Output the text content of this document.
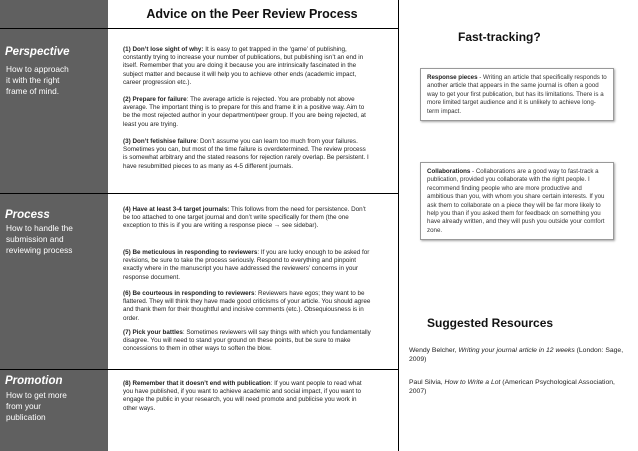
Perspective
How to approach it with the right frame of mind.
Process
How to handle the submission and reviewing process
Promotion
How to get more from your publication
Advice on the Peer Review Process

(1) Don’t lose sight of why: It is easy to get trapped in the ‘game’ of publishing, constantly trying to increase your number of publications, but publishing isn’t an end in itself. Remember that you are doing it because you are intrinsically fascinated in the subject matter and because it will help you to achieve other ends (academic impact, career progression etc.).

(2) Prepare for failure: The average article is rejected. You are probably not above average. The important thing is to prepare for this and frame it in a positive way. Aim to be the most rejected author in your department/peer group. If you are being rejected, at least you are trying.

(3) Don’t fetishise failure: Don’t assume you can learn too much from your failures. Sometimes you can, but most of the time failure is overdetermined. The review process is somewhat arbitrary and the stated reasons for rejection rarely overlap. Be persistent. I have resubmitted pieces to as many as 4-5 different journals.

(4) Have at least 3-4 target journals: This follows from the need for persistence. Don’t be too attached to one target journal and don’t write specifically for them (the one exception to this is if you are writing a response piece → see sidebar).

(5) Be meticulous in responding to reviewers: If you are lucky enough to be asked for revisions, be sure to take the process seriously. Respond to everything and pinpoint exactly where in the manuscript you have addressed the reviewers’ concerns in your response document.

(6) Be courteous in responding to reviewers: Reviewers have egos; they want to be flattered. They will think they have made good criticisms of your article. You should agree and thank them for their thoughtful and incisive comments (etc.). Obsequiousness is in order.

(7) Pick your battles: Sometimes reviewers will say things with which you fundamentally disagree. You will need to stand your ground on these points, but be sure to make concessions to them in other ways to soften the blow.

(8) Remember that it doesn’t end with publication: If you want people to read what you have published, if you want to achieve academic and social impact, if you want to engage the public in your research, you will need promote and publicise you work in other ways.

Fast-tracking?
Response pieces - Writing an article that specifically responds to another article that appears in the same journal is often a good way to get your first publication, but has its limitations. There is a more limited target audience and it is unlikely to achieve long-term impact.
Collaborations - Collaborations are a good way to fast-track a publication, provided you collaborate with the right people. I recommend finding people who are more productive and ambitious than you, with whom you share certain interests. If you ask them to collaborate on a piece they will be far more likely to help you than if you asked them for feedback on something you have already written, and they will push you outside your comfort zone.
Suggested Resources
Wendy Belcher, Writing your journal article in 12 weeks (London: Sage, 2009)
Paul Silvia, How to Write a Lot (American Psychological Association, 2007)
